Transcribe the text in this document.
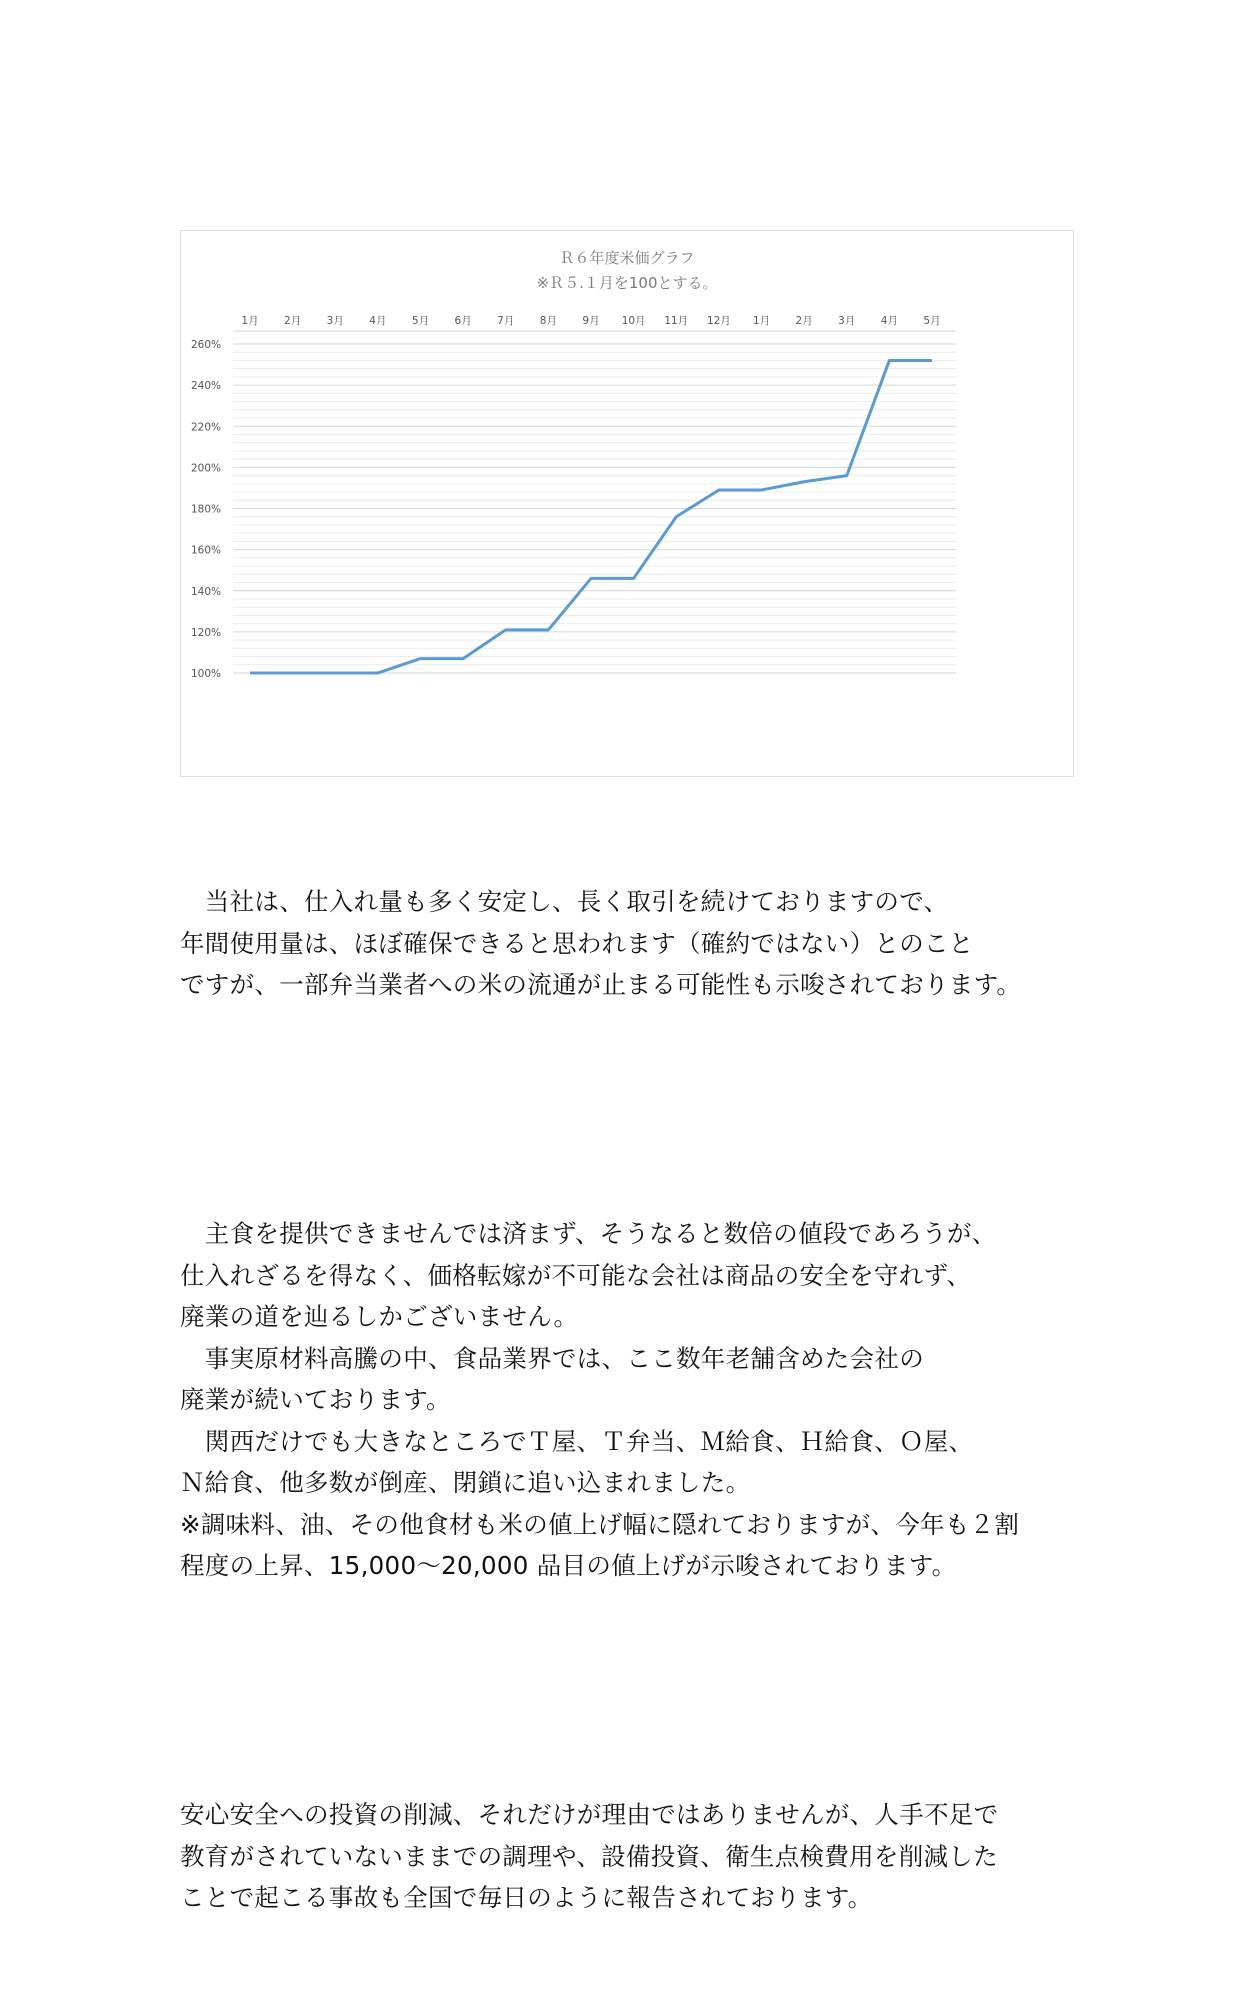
Ｒ６年度米価グラフ
※Ｒ５.１月を100とする。
1月 2月 3月 4月 5月 6月 7月 8月 9月 10月 11月 12月 1月 2月 3月 4月 5月
100%
120%
140%
160%
180%
200%
220%
240%
260%

　当社は、仕入れ量も多く安定し、長く取引を続けておりますので、
年間使用量は、ほぼ確保できると思われます（確約ではない）とのこと
ですが、一部弁当業者への米の流通が止まる可能性も示唆されております。

　主食を提供できませんでは済まず、そうなると数倍の値段であろうが、
仕入れざるを得なく、価格転嫁が不可能な会社は商品の安全を守れず、
廃業の道を辿るしかございません。
　事実原材料高騰の中、食品業界では、ここ数年老舗含めた会社の
廃業が続いております。
　関西だけでも大きなところでＴ屋、Ｔ弁当、Ｍ給食、Ｈ給食、Ｏ屋、
Ｎ給食、他多数が倒産、閉鎖に追い込まれました。
※調味料、油、その他食材も米の値上げ幅に隠れておりますが、今年も２割
程度の上昇、15,000～20,000 品目の値上げが示唆されております。

安心安全への投資の削減、それだけが理由ではありませんが、人手不足で
教育がされていないままでの調理や、設備投資、衛生点検費用を削減した
ことで起こる事故も全国で毎日のように報告されております。
